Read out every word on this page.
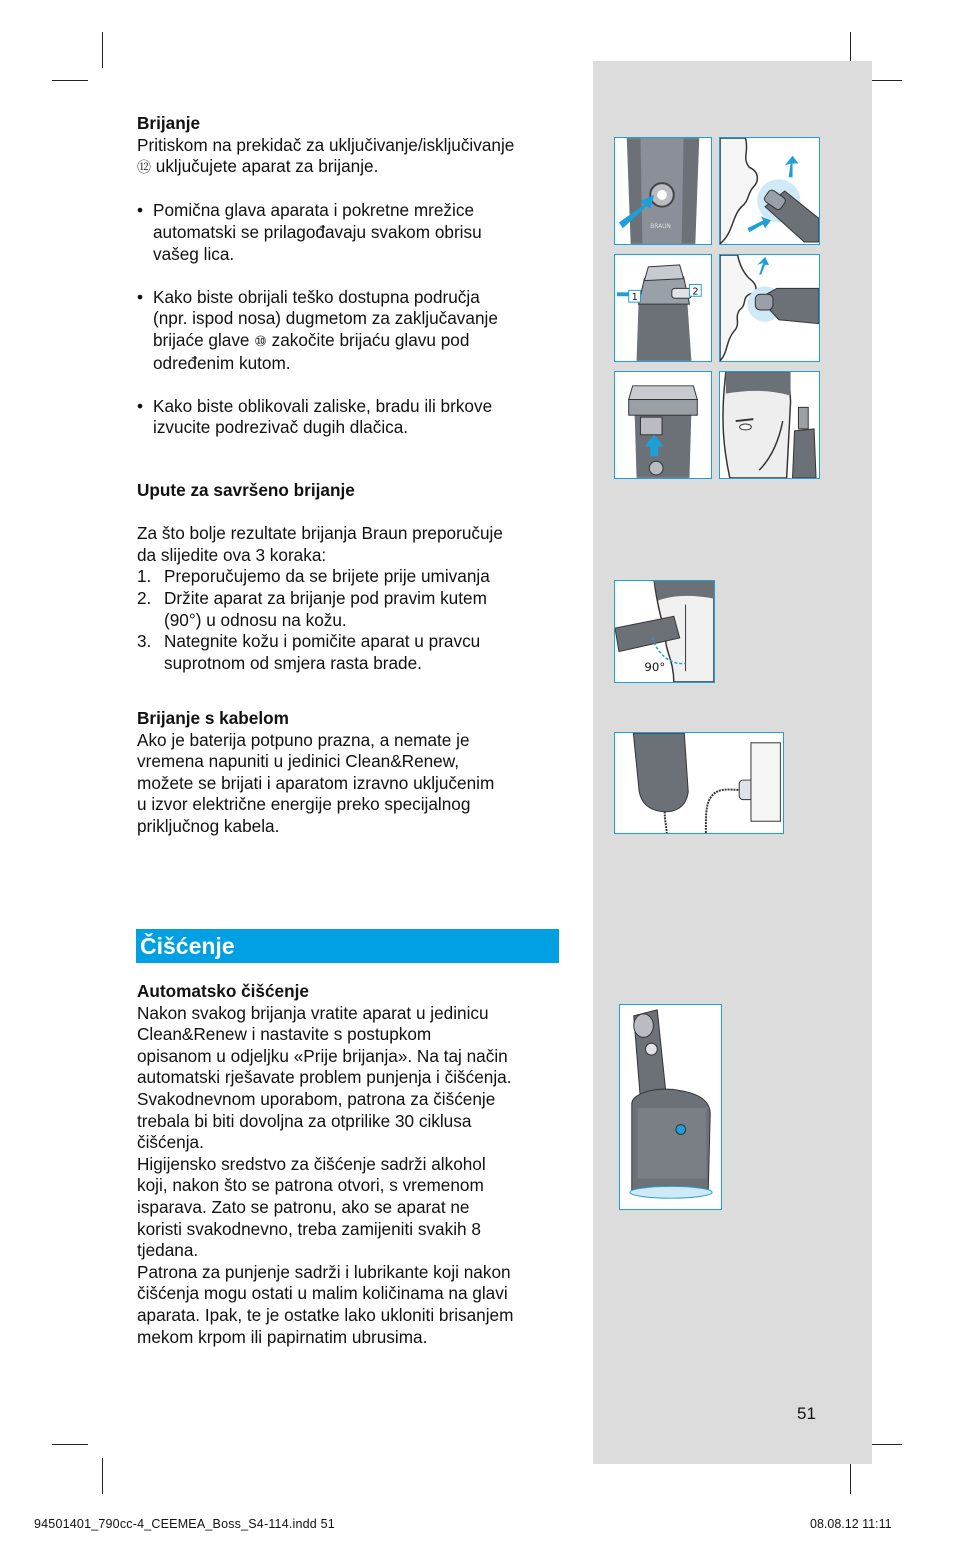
Brijanje

Pritiskom na prekidač za uključivanje/isključivanje
⑫ uključujete aparat za brijanje.

• Pomična glava aparata i pokretne mrežice
automatski se prilagođavaju svakom obrisu
vašeg lica.

• Kako biste obrijali teško dostupna područja
(npr. ispod nosa) dugmetom za zaključavanje
brijaće glave ⑩ zakočite brijaću glavu pod
određenim kutom.

• Kako biste oblikovali zaliske, bradu ili brkove
izvucite podrezivač dugih dlačica.

Upute za savršeno brijanje

Za što bolje rezultate brijanja Braun preporučuje
da slijedite ova 3 koraka:

1. Preporučujemo da se brijete prije umivanja

2. Držite aparat za brijanje pod pravim kutem
(90°) u odnosu na kožu.

3. Nategnite kožu i pomičite aparat u pravcu
suprotnom od smjera rasta brade.

Brijanje s kabelom

Ako je baterija potpuno prazna, a nemate je
vremena napuniti u jedinici Clean&Renew,
možete se brijati i aparatom izravno uključenim
u izvor električne energije preko specijalnog
priključnog kabela.

Čišćenje

Automatsko čišćenje

Nakon svakog brijanja vratite aparat u jedinicu
Clean&Renew i nastavite s postupkom
opisanom u odjeljku «Prije brijanja». Na taj način
automatski rješavate problem punjenja i čišćenja.
Svakodnevnom uporabom, patrona za čišćenje
trebala bi biti dovoljna za otprilike 30 ciklusa
čišćenja.
Higijensko sredstvo za čišćenje sadrži alkohol
koji, nakon što se patrona otvori, s vremenom
isparava. Zato se patronu, ako se aparat ne
koristi svakodnevno, treba zamijeniti svakih 8
tjedana.
Patrona za punjenje sadrži i lubrikante koji nakon
čišćenja mogu ostati u malim količinama na glavi
aparata. Ipak, te je ostatke lako ukloniti brisanjem
mekom krpom ili papirnatim ubrusima.

BRAUN
1
2
90°
51
94501401_790cc-4_CEEMEA_Boss_S4-114.indd 51	08.08.12 11:11
